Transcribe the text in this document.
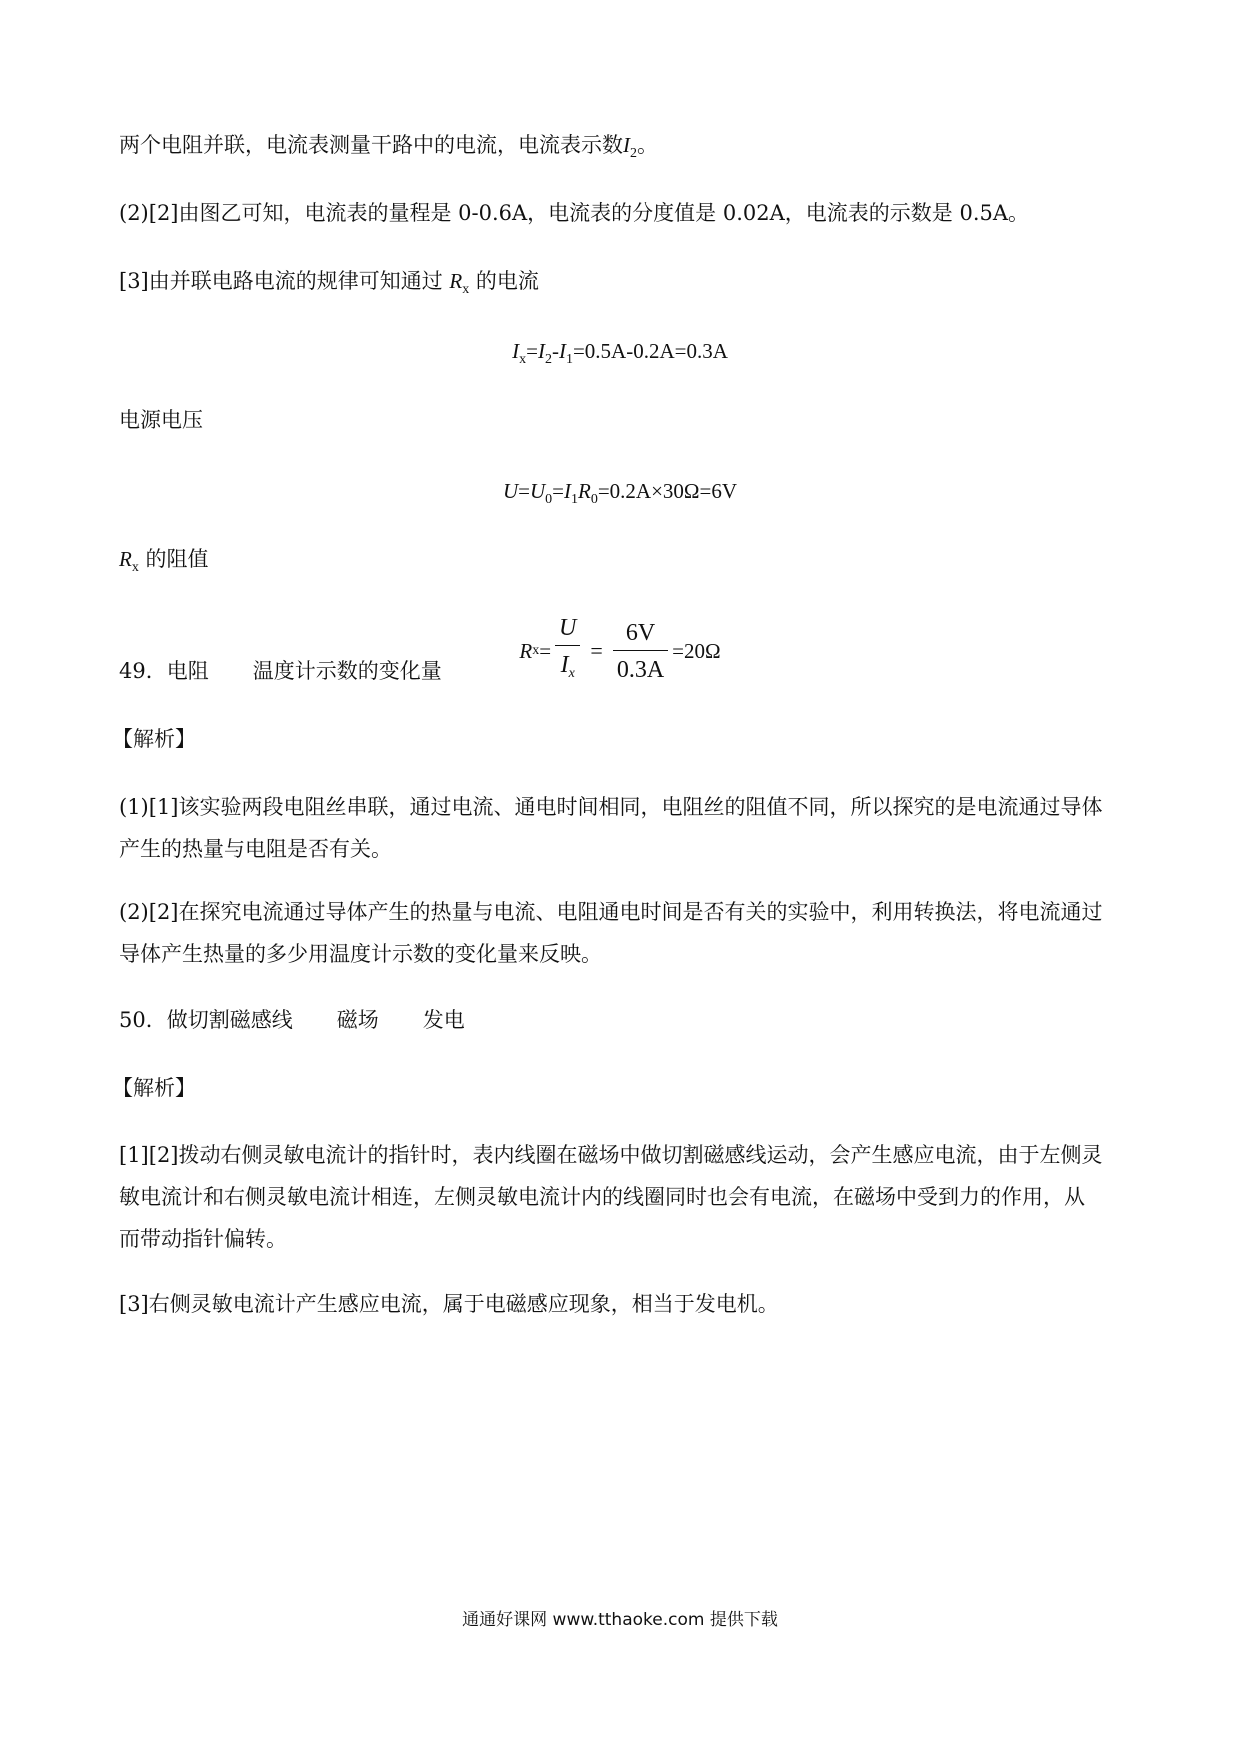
两个电阻并联，电流表测量干路中的电流，电流表示数$I_2$。
(2)[2]由图乙可知，电流表的量程是 0-0.6A，电流表的分度值是 0.02A，电流表的示数是 0.5A。
[3]由并联电路电流的规律可知通过 $R_x$ 的电流
$I_x=I_2-I_1=0.5A-0.2A=0.3A$
电源电压
$U=U_0=I_1R_0=0.2A\times 30\Omega=6V$
$R_x$ 的阻值
R $x = \frac{U}{I_x} = \frac{6V}{0.3A} =20\Omega$
49．电阻 温度计示数的变化量
【解析】
(1)[1]该实验两段电阻丝串联，通过电流、通电时间相同，电阻丝的阻值不同，所以探究的是电流通过导体
产生的热量与电阻是否有关。
(2)[2]在探究电流通过导体产生的热量与电流、电阻通电时间是否有关的实验中，利用转换法，将电流通过
导体产生热量的多少用温度计示数的变化量来反映。
50．做切割磁感线 磁场 发电
【解析】
[1][2]拨动右侧灵敏电流计的指针时，表内线圈在磁场中做切割磁感线运动，会产生感应电流，由于左侧灵
敏电流计和右侧灵敏电流计相连，左侧灵敏电流计内的线圈同时也会有电流，在磁场中受到力的作用，从
而带动指针偏转。
[3]右侧灵敏电流计产生感应电流，属于电磁感应现象，相当于发电机。
通通好课网 www.tthaoke.com 提供下载
